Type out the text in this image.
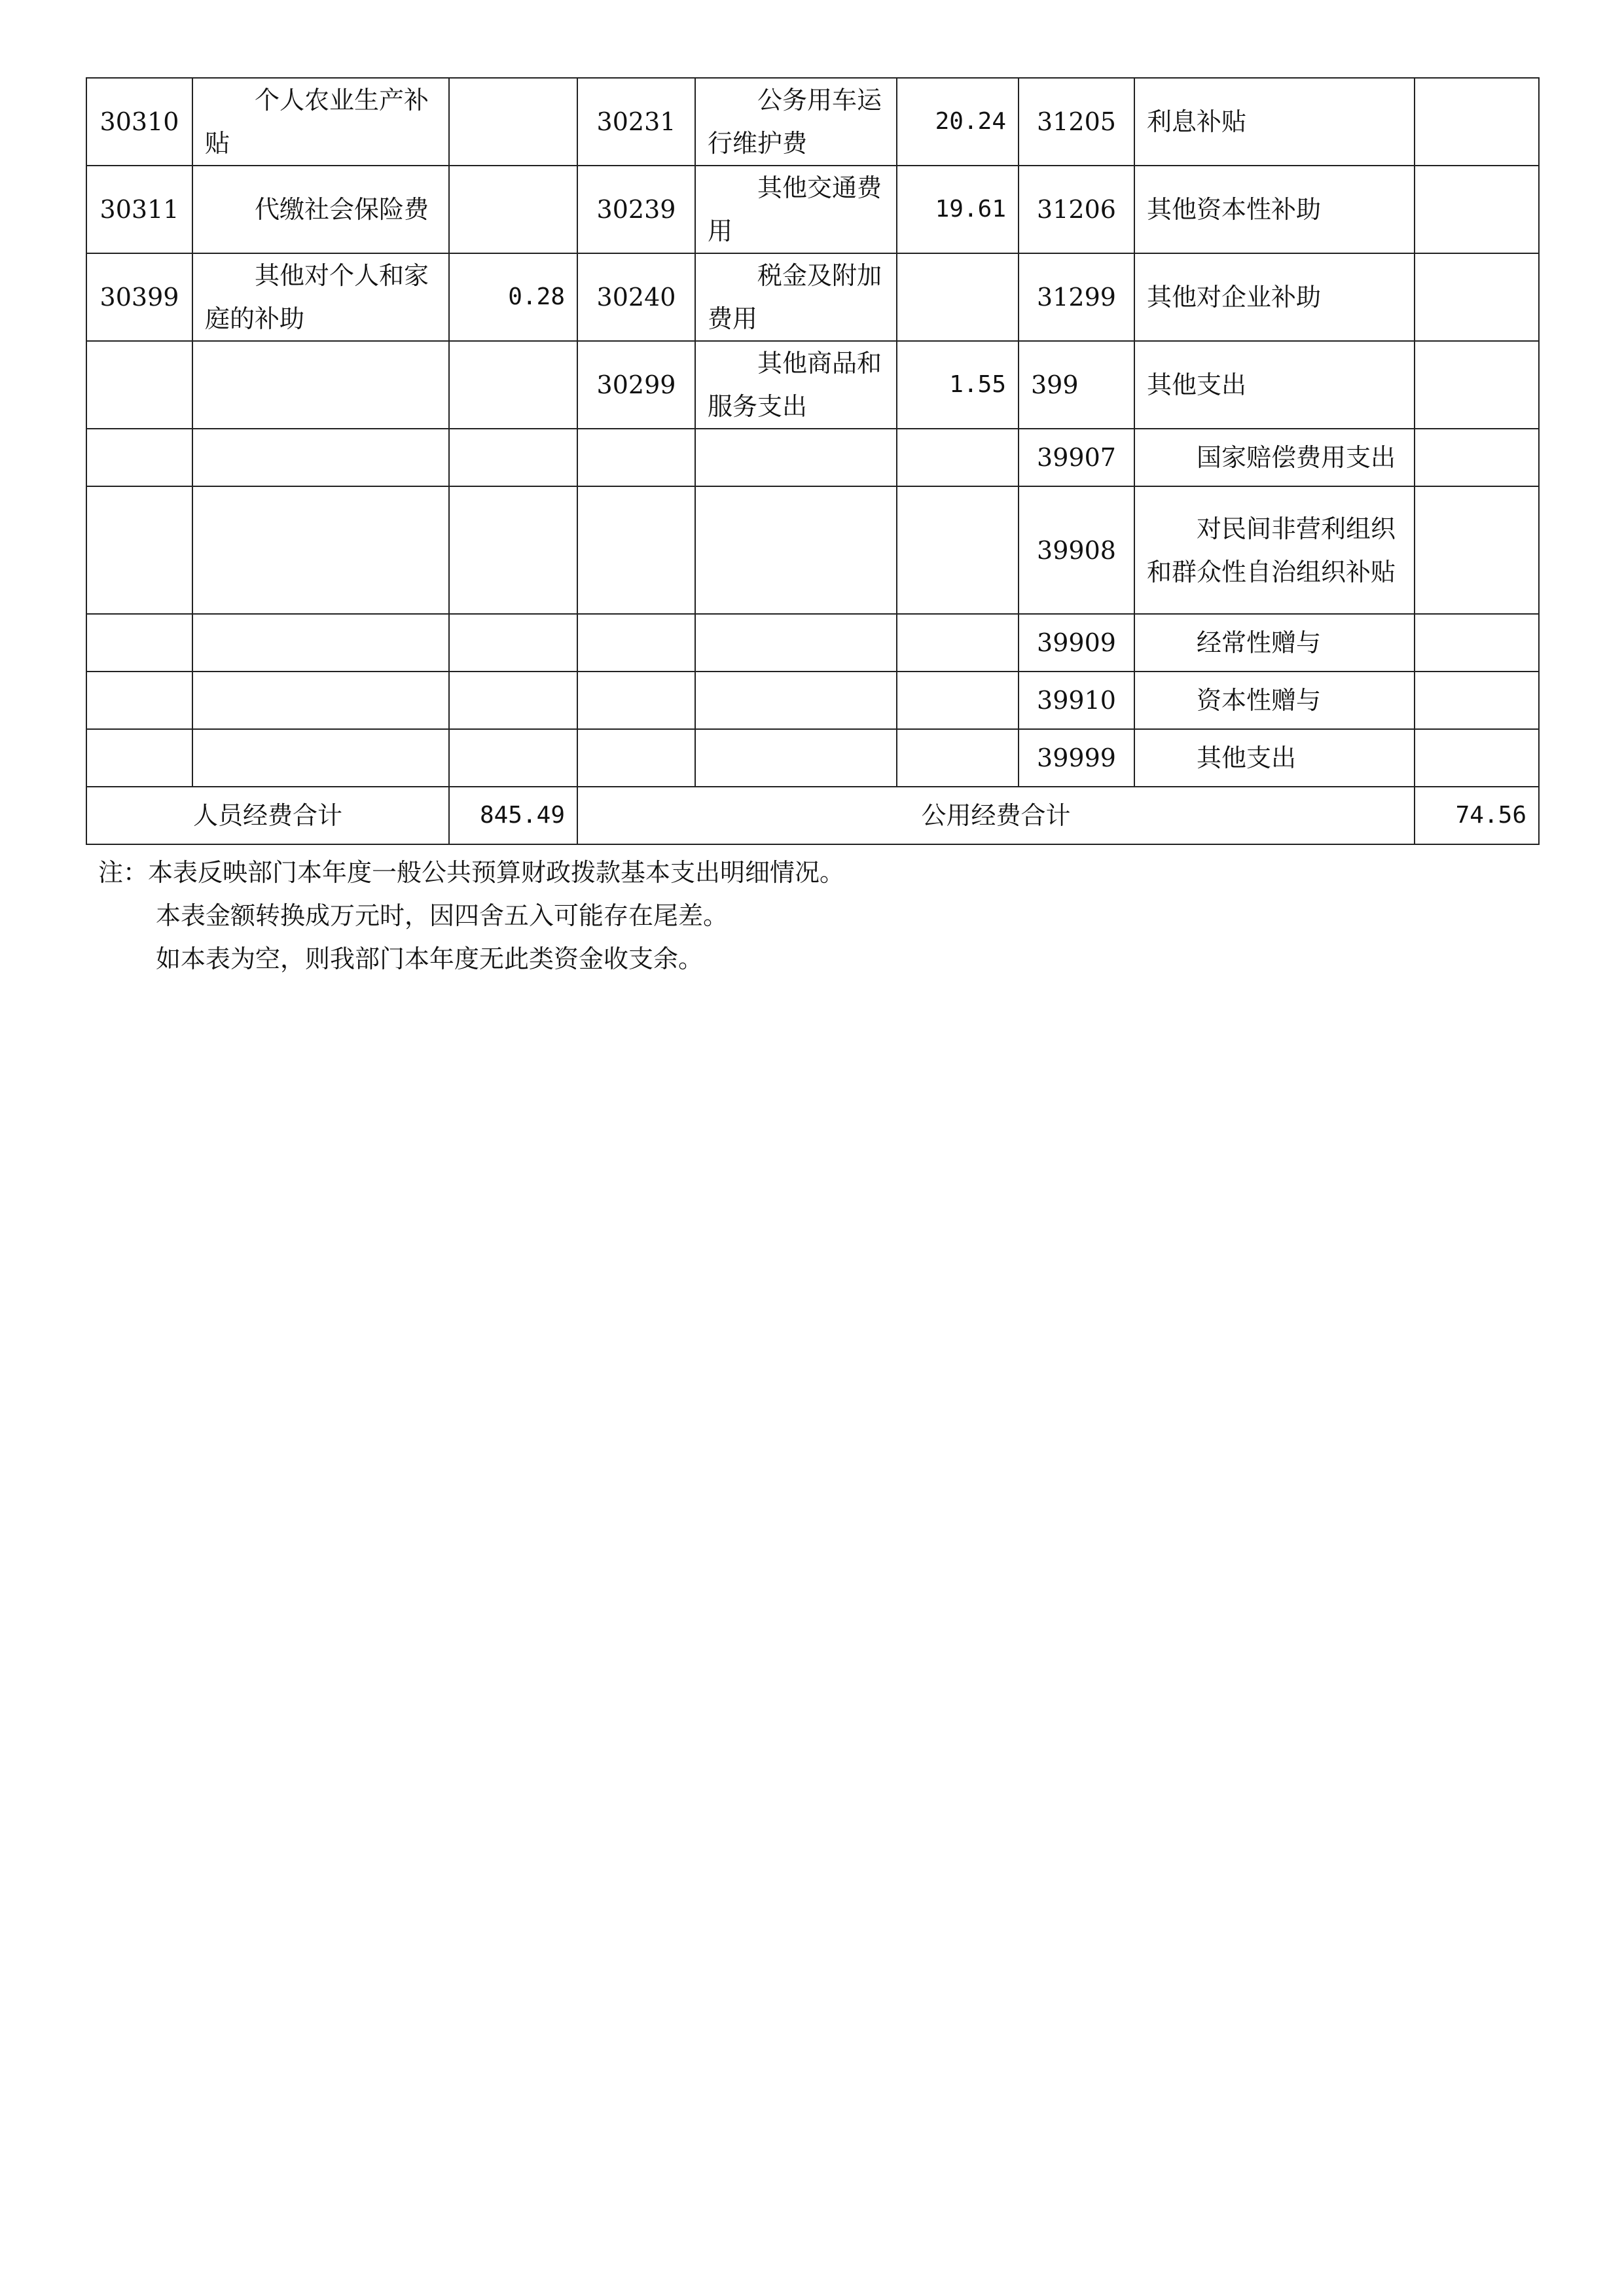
30310	个人农业生产补贴		30231	公务用车运行维护费	20.24	31205	利息补贴	
30311	代缴社会保险费		30239	其他交通费用	19.61	31206	其他资本性补助	
30399	其他对个人和家庭的补助	0.28	30240	税金及附加费用		31299	其他对企业补助	
			30299	其他商品和服务支出	1.55	399	其他支出	
						39907	国家赔偿费用支出	
						39908	对民间非营利组织和群众性自治组织补贴	
						39909	经常性赠与	
						39910	资本性赠与	
						39999	其他支出	
人员经费合计		845.49	公用经费合计					74.56
注：本表反映部门本年度一般公共预算财政拨款基本支出明细情况。
本表金额转换成万元时，因四舍五入可能存在尾差。
如本表为空，则我部门本年度无此类资金收支余。
